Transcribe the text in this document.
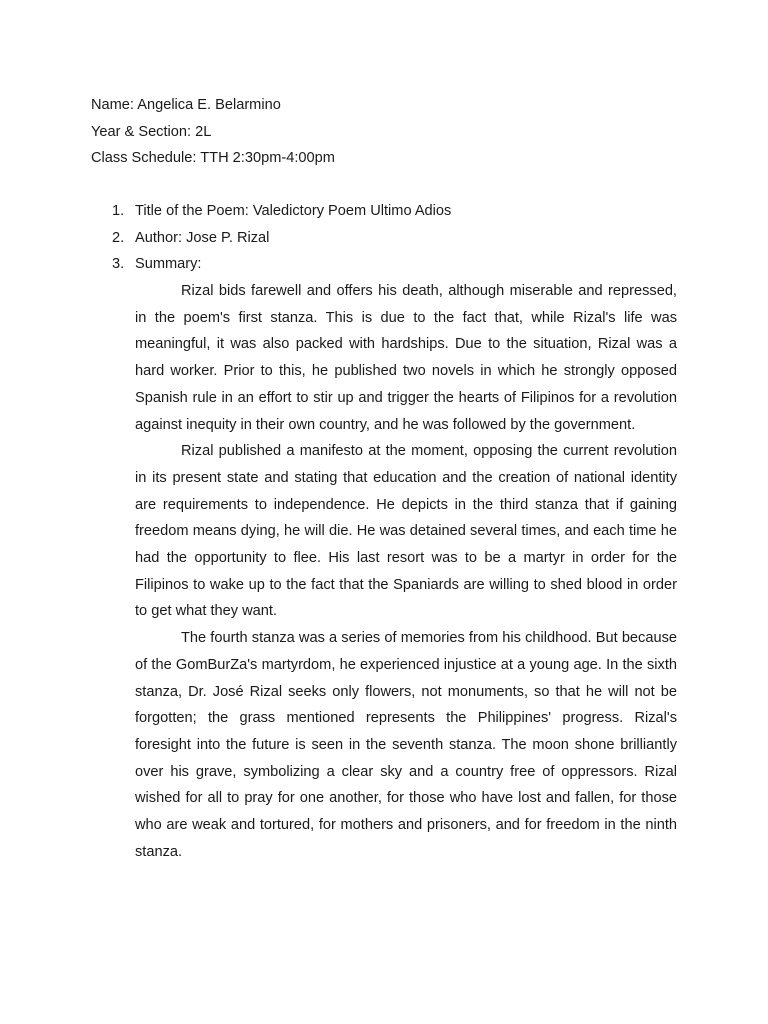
Name: Angelica E. Belarmino
Year & Section: 2L
Class Schedule: TTH 2:30pm-4:00pm
1. Title of the Poem: Valedictory Poem Ultimo Adios
2. Author: Jose P. Rizal
3. Summary:

Rizal bids farewell and offers his death, although miserable and repressed, in the poem's first stanza. This is due to the fact that, while Rizal's life was meaningful, it was also packed with hardships. Due to the situation, Rizal was a hard worker. Prior to this, he published two novels in which he strongly opposed Spanish rule in an effort to stir up and trigger the hearts of Filipinos for a revolution against inequity in their own country, and he was followed by the government.

Rizal published a manifesto at the moment, opposing the current revolution in its present state and stating that education and the creation of national identity are requirements to independence. He depicts in the third stanza that if gaining freedom means dying, he will die. He was detained several times, and each time he had the opportunity to flee. His last resort was to be a martyr in order for the Filipinos to wake up to the fact that the Spaniards are willing to shed blood in order to get what they want.

The fourth stanza was a series of memories from his childhood. But because of the GomBurZa's martyrdom, he experienced injustice at a young age. In the sixth stanza, Dr. José Rizal seeks only flowers, not monuments, so that he will not be forgotten; the grass mentioned represents the Philippines' progress. Rizal's foresight into the future is seen in the seventh stanza. The moon shone brilliantly over his grave, symbolizing a clear sky and a country free of oppressors. Rizal wished for all to pray for one another, for those who have lost and fallen, for those who are weak and tortured, for mothers and prisoners, and for freedom in the ninth stanza.
